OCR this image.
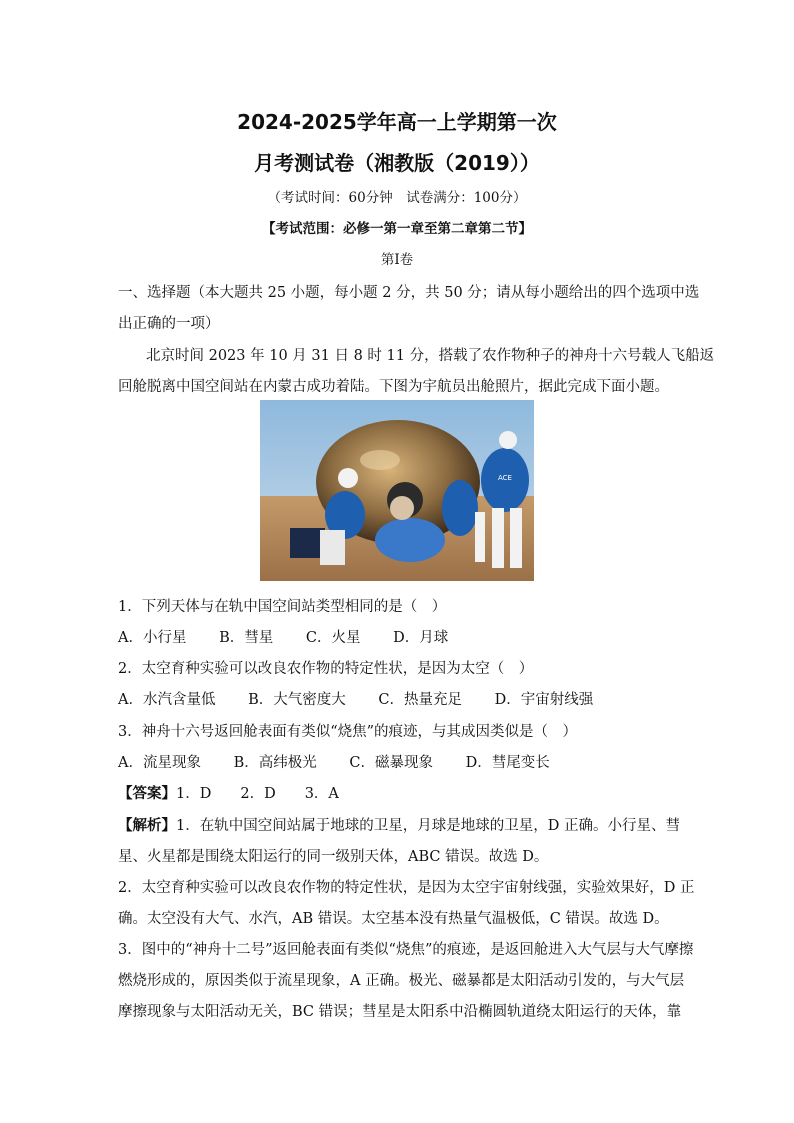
2024-2025学年高一上学期第一次
月考测试卷（湘教版（2019））
（考试时间：60分钟　试卷满分：100分）
【考试范围：必修一第一章至第二章第二节】
第Ⅰ卷
一、选择题（本大题共 25 小题，每小题 2 分，共 50 分；请从每小题给出的四个选项中选
出正确的一项）
北京时间 2023 年 10 月 31 日 8 时 11 分，搭载了农作物种子的神舟十六号载人飞船返
回舱脱离中国空间站在内蒙古成功着陆。下图为宇航员出舱照片，据此完成下面小题。
ACE
1．下列天体与在轨中国空间站类型相同的是（　）
A．小行星 B．彗星 C．火星 D．月球
2．太空育种实验可以改良农作物的特定性状，是因为太空（　）
A．水汽含量低 B．大气密度大 C．热量充足 D．宇宙射线强
3．神舟十六号返回舱表面有类似“烧焦”的痕迹，与其成因类似是（　）
A．流星现象 B．高纬极光 C．磁暴现象 D．彗尾变长
【答案】1．D　　2．D　　3．A
【解析】1．在轨中国空间站属于地球的卫星，月球是地球的卫星，D 正确。小行星、彗
星、火星都是围绕太阳运行的同一级别天体，ABC 错误。故选 D。
2．太空育种实验可以改良农作物的特定性状，是因为太空宇宙射线强，实验效果好，D 正
确。太空没有大气、水汽，AB 错误。太空基本没有热量气温极低，C 错误。故选 D。
3．图中的“神舟十二号”返回舱表面有类似“烧焦”的痕迹，是返回舱进入大气层与大气摩擦
燃烧形成的，原因类似于流星现象，A 正确。极光、磁暴都是太阳活动引发的，与大气层
摩擦现象与太阳活动无关，BC 错误；彗星是太阳系中沿椭圆轨道绕太阳运行的天体，靠
